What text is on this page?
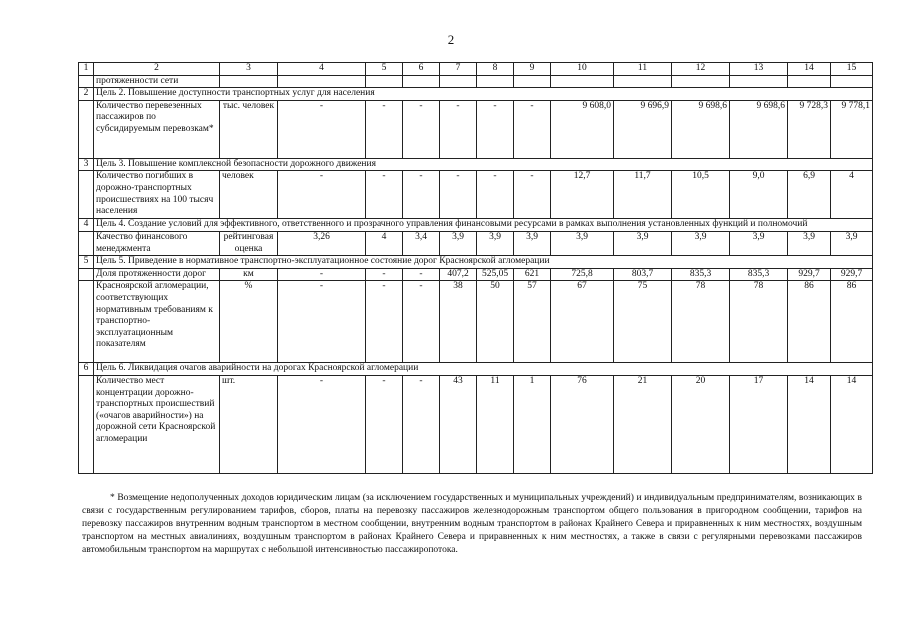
2
1	2	3	4	5	6	7	8	9	10	11	12	13	14	15
	протяженности сети													
2	Цель 2. Повышение доступности транспортных услуг для населения													
	Количество перевезенных пассажиров по субсидируемым перевозкам*	тыс. человек	-	-	-	-	-	-	9 608,0	9 696,9	9 698,6	9 698,6	9 728,3	9 778,1
3	Цель 3. Повышение комплексной безопасности дорожного движения													
	Количество погибших в дорожно-транспортных происшествиях на 100 тысяч населения	человек	-	-	-	-	-	-	12,7	11,7	10,5	9,0	6,9	4
4	Цель 4. Создание условий для эффективного, ответственного и прозрачного управления финансовыми ресурсами в рамках выполнения установленных функций и полномочий													
	Качество финансового менеджмента	рейтинговая оценка	3,26	4	3,4	3,9	3,9	3,9	3,9	3,9	3,9	3,9	3,9	3,9
5	Цель 5. Приведение в нормативное транспортно-эксплуатационное состояние дорог Красноярской агломерации													
	Доля протяженности дорог	км	-	-	-	407,2	525,05	621	725,8	803,7	835,3	835,3	929,7	929,7
	Красноярской агломерации, соответствующих нормативным требованиям к транспортно-эксплуатационным показателям	%	-	-	-	38	50	57	67	75	78	78	86	86
6	Цель 6. Ликвидация очагов аварийности на дорогах Красноярской агломерации													
	Количество мест концентрации дорожно-транспортных происшествий («очагов аварийности») на дорожной сети Красноярской агломерации	шт.	-	-	-	43	11	1	76	21	20	17	14	14
* Возмещение недополученных доходов юридическим лицам (за исключением государственных и муниципальных учреждений) и индивидуальным предпринимателям, возникающих в связи с государственным регулированием тарифов, сборов, платы на перевозку пассажиров железнодорожным транспортом общего пользования в пригородном сообщении, тарифов на перевозку пассажиров внутренним водным транспортом в местном сообщении, внутренним водным транспортом в районах Крайнего Севера и приравненных к ним местностях, воздушным транспортом на местных авиалиниях, воздушным транспортом в районах Крайнего Севера и приравненных к ним местностях, а также в связи с регулярными перевозками пассажиров автомобильным транспортом на маршрутах с небольшой интенсивностью пассажиропотока.
